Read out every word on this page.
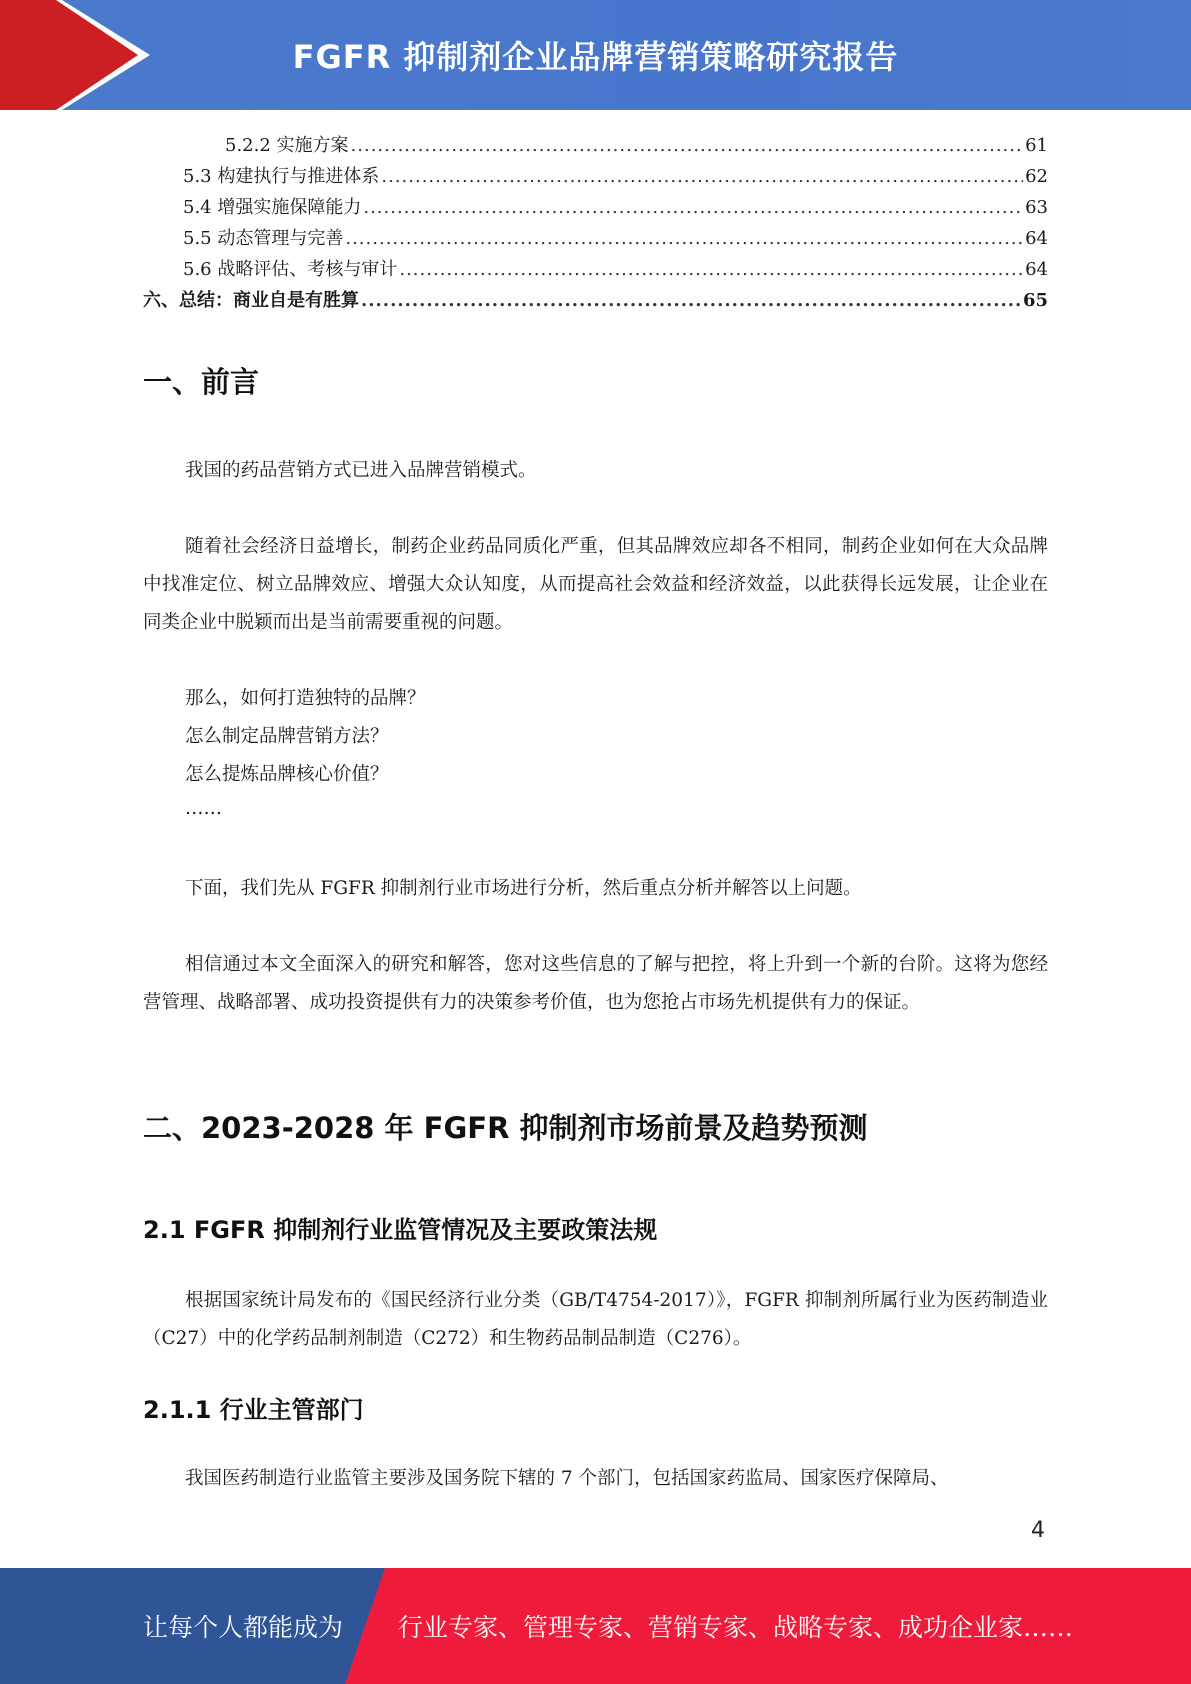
FGFR 抑制剂企业品牌营销策略研究报告
5.2.2 实施方案 .....	61
5.3 构建执行与推进体系 .....	62
5.4 增强实施保障能力 .....	63
5.5 动态管理与完善 .....	64
5.6 战略评估、考核与审计 .....	64
六、总结：商业自是有胜算 .....	65
一、前言
我国的药品营销方式已进入品牌营销模式。
随着社会经济日益增长，制药企业药品同质化严重，但其品牌效应却各不相同，制药企业如何在大众品牌中找准定位、树立品牌效应、增强大众认知度，从而提高社会效益和经济效益，以此获得长远发展，让企业在同类企业中脱颖而出是当前需要重视的问题。
那么，如何打造独特的品牌？
怎么制定品牌营销方法？
怎么提炼品牌核心价值？
……
下面，我们先从 FGFR 抑制剂行业市场进行分析，然后重点分析并解答以上问题。
相信通过本文全面深入的研究和解答，您对这些信息的了解与把控，将上升到一个新的台阶。这将为您经营管理、战略部署、成功投资提供有力的决策参考价值，也为您抢占市场先机提供有力的保证。
二、2023-2028 年 FGFR 抑制剂市场前景及趋势预测
2.1 FGFR 抑制剂行业监管情况及主要政策法规
根据国家统计局发布的《国民经济行业分类（GB/T4754-2017）》，FGFR 抑制剂所属行业为医药制造业（C27）中的化学药品制剂制造（C272）和生物药品制品制造（C276）。
2.1.1 行业主管部门
我国医药制造行业监管主要涉及国务院下辖的 7 个部门，包括国家药监局、国家医疗保障局、
4
让每个人都能成为 行业专家、管理专家、营销专家、战略专家、成功企业家……
